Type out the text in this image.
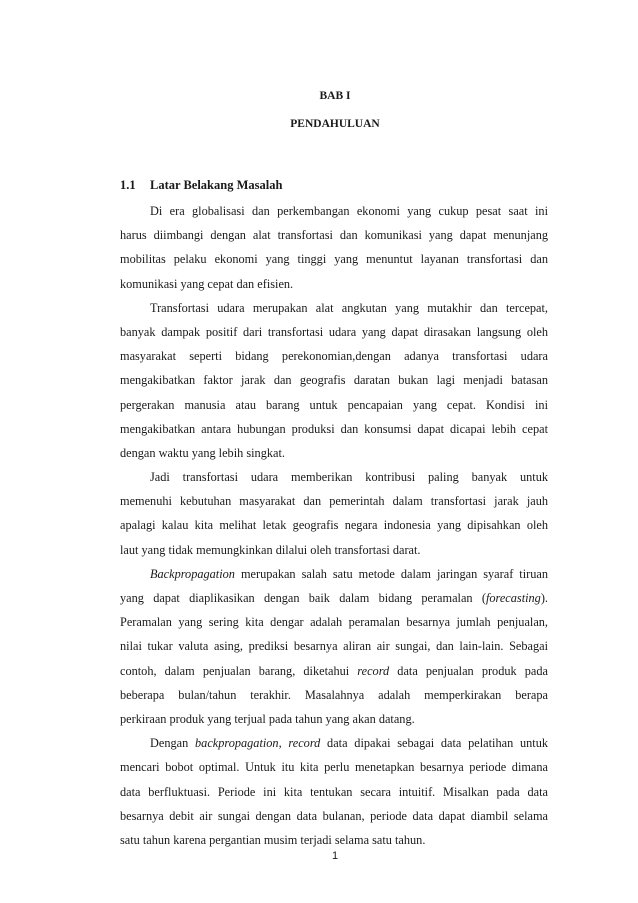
BAB I
PENDAHULUAN
1.1 Latar Belakang Masalah
Di era globalisasi dan perkembangan ekonomi yang cukup pesat saat ini
harus diimbangi dengan alat transfortasi dan komunikasi yang dapat menunjang
mobilitas pelaku ekonomi yang tinggi yang menuntut layanan transfortasi dan
komunikasi yang cepat dan efisien.
Transfortasi udara merupakan alat angkutan yang mutakhir dan tercepat,
banyak dampak positif dari transfortasi udara yang dapat dirasakan langsung oleh
masyarakat seperti bidang perekonomian,dengan adanya transfortasi udara
mengakibatkan faktor jarak dan geografis daratan bukan lagi menjadi batasan
pergerakan manusia atau barang untuk pencapaian yang cepat. Kondisi ini
mengakibatkan antara hubungan produksi dan konsumsi dapat dicapai lebih cepat
dengan waktu yang lebih singkat.
Jadi transfortasi udara memberikan kontribusi paling banyak untuk
memenuhi kebutuhan masyarakat dan pemerintah dalam transfortasi jarak jauh
apalagi kalau kita melihat letak geografis negara indonesia yang dipisahkan oleh
laut yang tidak memungkinkan dilalui oleh transfortasi darat.
Backpropagation merupakan salah satu metode dalam jaringan syaraf tiruan
yang dapat diaplikasikan dengan baik dalam bidang peramalan (forecasting).
Peramalan yang sering kita dengar adalah peramalan besarnya jumlah penjualan,
nilai tukar valuta asing, prediksi besarnya aliran air sungai, dan lain-lain. Sebagai
contoh, dalam penjualan barang, diketahui record data penjualan produk pada
beberapa bulan/tahun terakhir. Masalahnya adalah memperkirakan berapa
perkiraan produk yang terjual pada tahun yang akan datang.
Dengan backpropagation, record data dipakai sebagai data pelatihan untuk
mencari bobot optimal. Untuk itu kita perlu menetapkan besarnya periode dimana
data berfluktuasi. Periode ini kita tentukan secara intuitif. Misalkan pada data
besarnya debit air sungai dengan data bulanan, periode data dapat diambil selama
satu tahun karena pergantian musim terjadi selama satu tahun.
1
